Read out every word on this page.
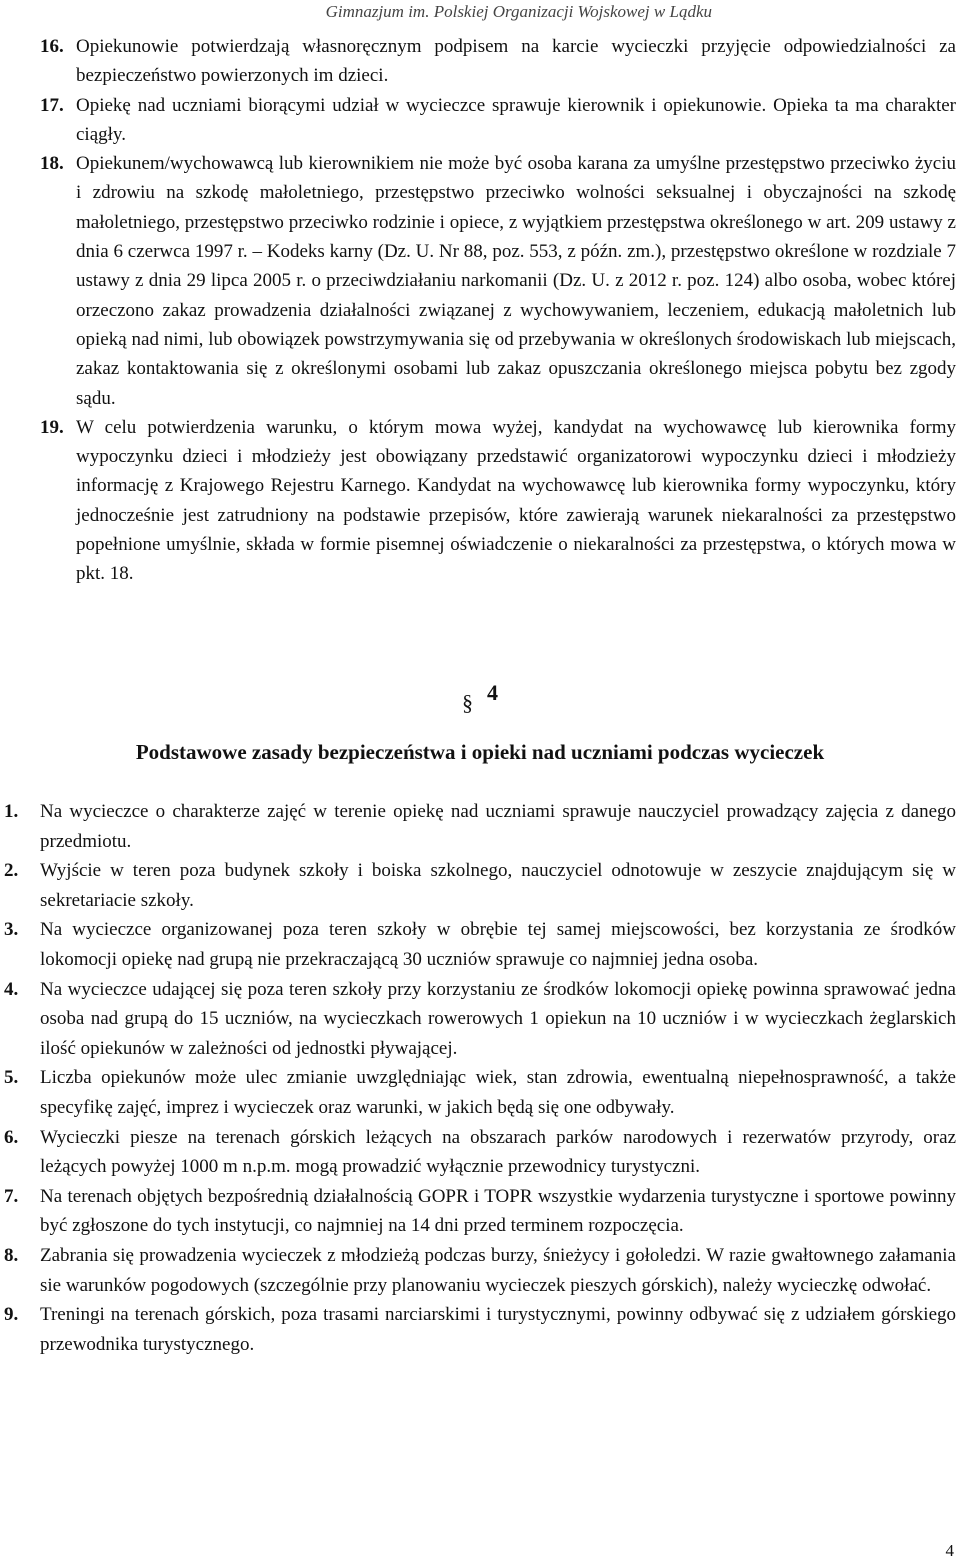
Gimnazjum im. Polskiej Organizacji Wojskowej w Lądku
16. Opiekunowie potwierdzają własnoręcznym podpisem na karcie wycieczki przyjęcie odpowiedzialności za bezpieczeństwo powierzonych im dzieci.
17. Opiekę nad uczniami biorącymi udział w wycieczce sprawuje kierownik i opiekunowie. Opieka ta ma charakter ciągły.
18. Opiekunem/wychowawcą lub kierownikiem nie może być osoba karana za umyślne przestępstwo przeciwko życiu i zdrowiu na szkodę małoletniego, przestępstwo przeciwko wolności seksualnej i obyczajności na szkodę małoletniego, przestępstwo przeciwko rodzinie i opiece, z wyjątkiem przestępstwa określonego w art. 209 ustawy z dnia 6 czerwca 1997 r. – Kodeks karny (Dz. U. Nr 88, poz. 553, z późn. zm.), przestępstwo określone w rozdziale 7 ustawy z dnia 29 lipca 2005 r. o przeciwdziałaniu narkomanii (Dz. U. z 2012 r. poz. 124) albo osoba, wobec której orzeczono zakaz prowadzenia działalności związanej z wychowywaniem, leczeniem, edukacją małoletnich lub opieką nad nimi, lub obowiązek powstrzymywania się od przebywania w określonych środowiskach lub miejscach, zakaz kontaktowania się z określonymi osobami lub zakaz opuszczania określonego miejsca pobytu bez zgody sądu.
19. W celu potwierdzenia warunku, o którym mowa wyżej, kandydat na wychowawcę lub kierownika formy wypoczynku dzieci i młodzieży jest obowiązany przedstawić organizatorowi wypoczynku dzieci i młodzieży informację z Krajowego Rejestru Karnego. Kandydat na wychowawcę lub kierownika formy wypoczynku, który jednocześnie jest zatrudniony na podstawie przepisów, które zawierają warunek niekaralności za przestępstwo popełnione umyślnie, składa w formie pisemnej oświadczenie o niekaralności za przestępstwa, o których mowa w pkt. 18.
§ 4
Podstawowe zasady bezpieczeństwa i opieki nad uczniami podczas wycieczek
1.	Na wycieczce o charakterze zajęć w terenie opiekę nad uczniami sprawuje nauczyciel prowadzący zajęcia z danego przedmiotu.
2.	Wyjście w teren poza budynek szkoły i boiska szkolnego, nauczyciel odnotowuje w zeszycie znajdującym się w sekretariacie szkoły.
3.	Na wycieczce organizowanej poza teren szkoły w obrębie tej samej miejscowości, bez korzystania ze środków lokomocji opiekę nad grupą nie przekraczającą 30 uczniów sprawuje co najmniej jedna osoba.
4.	Na wycieczce udającej się poza teren szkoły przy korzystaniu ze środków lokomocji opiekę powinna sprawować jedna osoba nad grupą do 15 uczniów, na wycieczkach rowerowych 1 opiekun na 10 uczniów i w wycieczkach żeglarskich ilość opiekunów w zależności od jednostki pływającej.
5.	Liczba opiekunów może ulec zmianie uwzględniając wiek, stan zdrowia, ewentualną niepełnosprawność, a także specyfikę zajęć, imprez i wycieczek oraz warunki, w jakich będą się one odbywały.
6.	Wycieczki piesze na terenach górskich leżących na obszarach parków narodowych i rezerwatów przyrody, oraz leżących powyżej 1000 m n.p.m. mogą prowadzić wyłącznie przewodnicy turystyczni.
7.	Na terenach objętych bezpośrednią działalnością GOPR i TOPR wszystkie wydarzenia turystyczne i sportowe powinny być zgłoszone do tych instytucji, co najmniej na 14 dni przed terminem rozpoczęcia.
8.	Zabrania się prowadzenia wycieczek z młodzieżą podczas burzy, śnieżycy i gołoledzi. W razie gwałtownego załamania sie warunków pogodowych (szczególnie przy planowaniu wycieczek pieszych górskich), należy wycieczkę odwołać.
9.	Treningi na terenach górskich, poza trasami narciarskimi i turystycznymi, powinny odbywać się z udziałem górskiego przewodnika turystycznego.
4
